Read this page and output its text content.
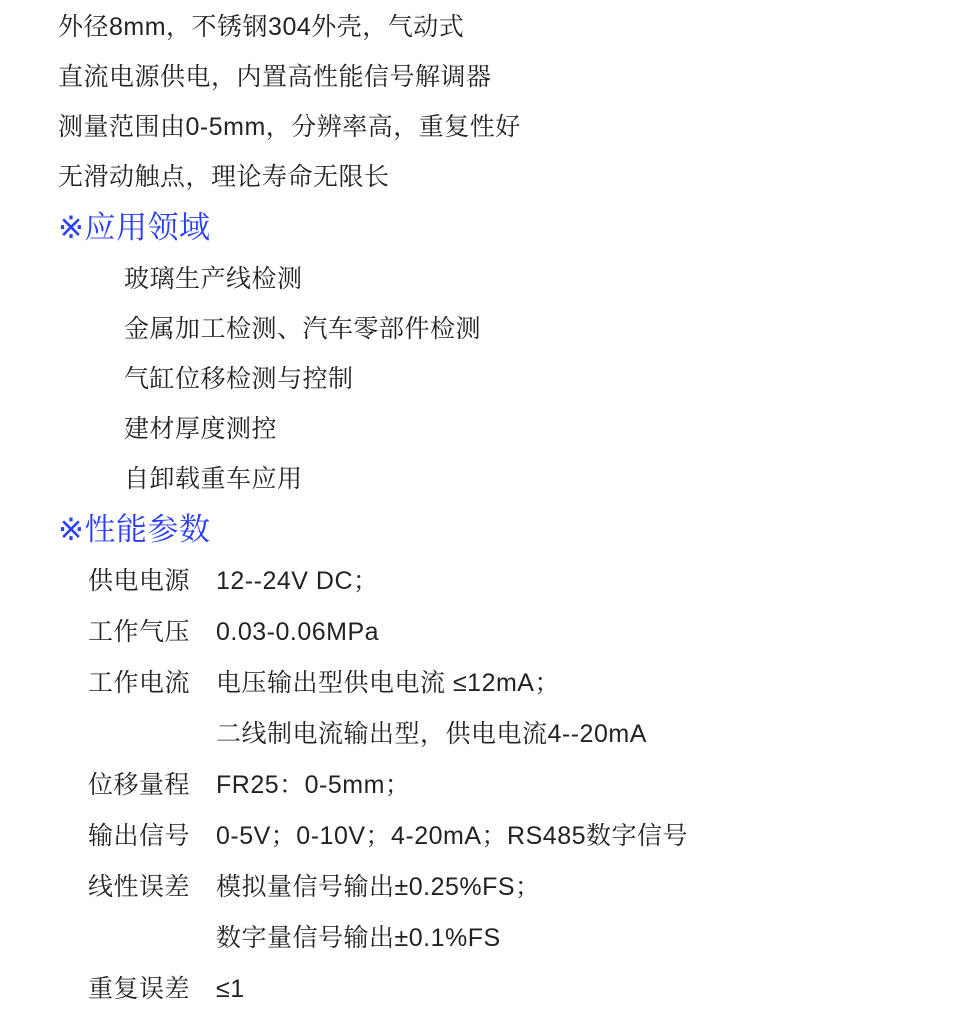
外径8mm，不锈钢304外壳，气动式
直流电源供电，内置高性能信号解调器
测量范围由0-5mm，分辨率高，重复性好
无滑动触点，理论寿命无限长
※应用领域
玻璃生产线检测
金属加工检测、汽车零部件检测
气缸位移检测与控制
建材厚度测控
自卸载重车应用
※性能参数
供电电源	12--24V DC；
工作气压	0.03-0.06MPa
工作电流	电压输出型供电电流 ≤12mA；
二线制电流输出型，供电电流4--20mA
位移量程	FR25：0-5mm；
输出信号	0-5V；0-10V；4-20mA；RS485数字信号
线性误差	模拟量信号输出±0.25%FS；
数字量信号输出±0.1%FS
重复误差	≤1
